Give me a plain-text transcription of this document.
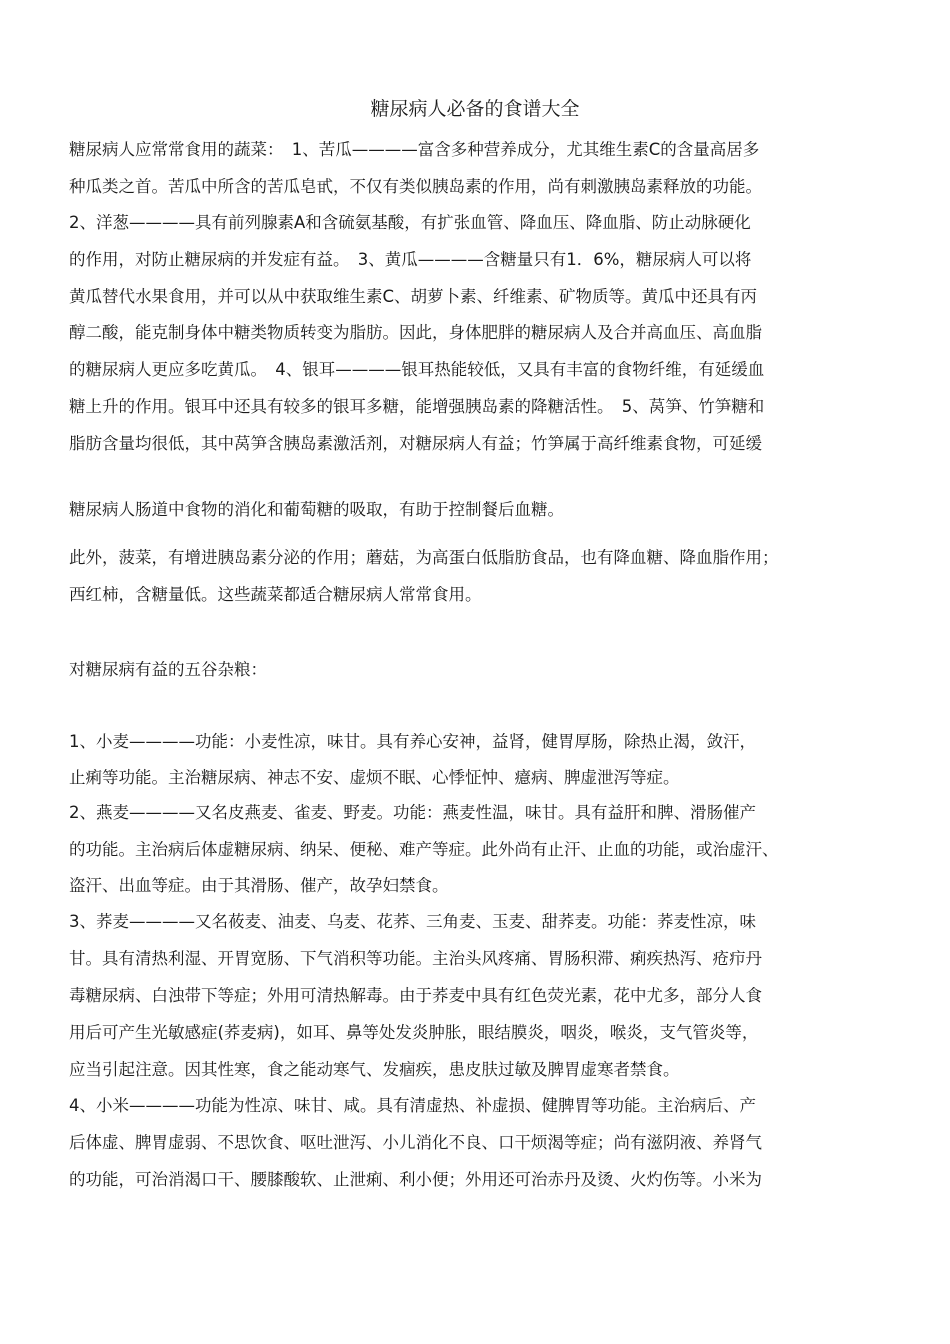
糖尿病人必备的食谱大全
糖尿病人应常常食用的蔬菜：　1、苦瓜————富含多种营养成分，尤其维生素C的含量高居多
种瓜类之首。苦瓜中所含的苦瓜皂甙，不仅有类似胰岛素的作用，尚有刺激胰岛素释放的功能。
2、洋葱————具有前列腺素A和含硫氨基酸，有扩张血管、降血压、降血脂、防止动脉硬化
的作用，对防止糖尿病的并发症有益。　3、黄瓜————含糖量只有1．6%，糖尿病人可以将
黄瓜替代水果食用，并可以从中获取维生素C、胡萝卜素、纤维素、矿物质等。黄瓜中还具有丙
醇二酸，能克制身体中糖类物质转变为脂肪。因此，身体肥胖的糖尿病人及合并高血压、高血脂
的糖尿病人更应多吃黄瓜。　4、银耳————银耳热能较低，又具有丰富的食物纤维，有延缓血
糖上升的作用。银耳中还具有较多的银耳多糖，能增强胰岛素的降糖活性。　5、莴笋、竹笋糖和
脂肪含量均很低，其中莴笋含胰岛素激活剂，对糖尿病人有益；竹笋属于高纤维素食物，可延缓
糖尿病人肠道中食物的消化和葡萄糖的吸取，有助于控制餐后血糖。
此外，菠菜，有增进胰岛素分泌的作用；蘑菇，为高蛋白低脂肪食品，也有降血糖、降血脂作用；
西红柿，含糖量低。这些蔬菜都适合糖尿病人常常食用。
对糖尿病有益的五谷杂粮：
1、小麦————功能：小麦性凉，味甘。具有养心安神，益肾，健胃厚肠，除热止渴，敛汗，
止痢等功能。主治糖尿病、神志不安、虚烦不眠、心悸怔忡、癔病、脾虚泄泻等症。
2、燕麦————又名皮燕麦、雀麦、野麦。功能：燕麦性温，味甘。具有益肝和脾、滑肠催产
的功能。主治病后体虚糖尿病、纳呆、便秘、难产等症。此外尚有止汗、止血的功能，或治虚汗、
盗汗、出血等症。由于其滑肠、催产，故孕妇禁食。
3、荞麦————又名莜麦、油麦、乌麦、花荞、三角麦、玉麦、甜荞麦。功能：荞麦性凉，味
甘。具有清热利湿、开胃宽肠、下气消积等功能。主治头风疼痛、胃肠积滞、痢疾热泻、疮疖丹
毒糖尿病、白浊带下等症；外用可清热解毒。由于荞麦中具有红色荧光素，花中尤多，部分人食
用后可产生光敏感症(荞麦病)，如耳、鼻等处发炎肿胀，眼结膜炎，咽炎，喉炎，支气管炎等，
应当引起注意。因其性寒，食之能动寒气、发痼疾，患皮肤过敏及脾胃虚寒者禁食。
4、小米————功能为性凉、味甘、咸。具有清虚热、补虚损、健脾胃等功能。主治病后、产
后体虚、脾胃虚弱、不思饮食、呕吐泄泻、小儿消化不良、口干烦渴等症；尚有滋阴液、养肾气
的功能，可治消渴口干、腰膝酸软、止泄痢、利小便；外用还可治赤丹及烫、火灼伤等。小米为
